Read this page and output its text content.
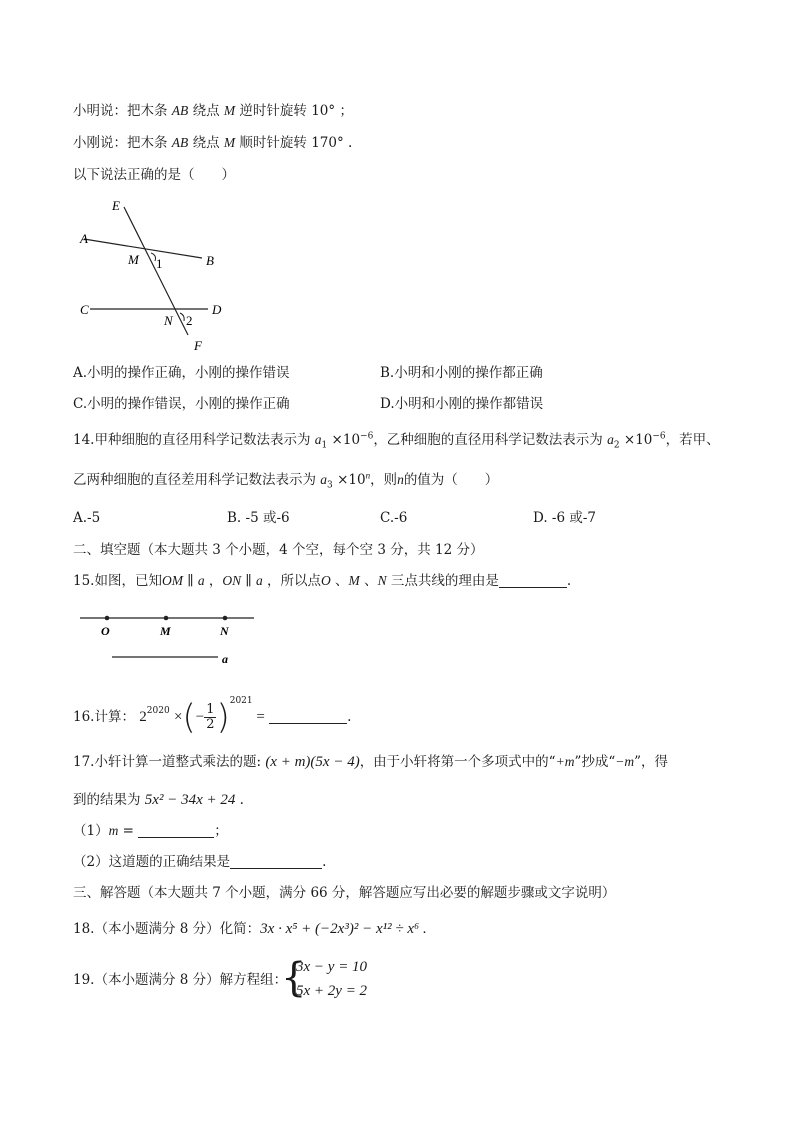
小明说：把木条 AB 绕点 M 逆时针旋转 10° ；
小刚说：把木条 AB 绕点 M 顺时针旋转 170° .
以下说法正确的是（　　）
E
A
M 1	B
C
N 2
D
F
A.小明的操作正确，小刚的操作错误	B.小明和小刚的操作都正确
C.小明的操作错误，小刚的操作正确	D.小明和小刚的操作都错误
14.甲种细胞的直径用科学记数法表示为 $a_1 \times 10^{-6}$，乙种细胞的直径用科学记数法表示为 $a_2 \times 10^{-6}$，若甲、
乙两种细胞的直径差用科学记数法表示为 $a_3 \times 10^n$，则n的值为（　　）
A.-5	B. -5 或-6	C.-6	D. -6 或-7
二、填空题（本大题共 3 个小题，4 个空，每个空 3 分，共 12 分）
15.如图，已知OM ∥ a ，ON ∥ a ，所以点O 、M 、N 三点共线的理由是	.
O	M	N
a
16.计算： $2^{2020}$ ×(− $\frac{1}{2} )^{2021}$ =	.
17.小轩计算一道整式乘法的题: (x + m)(5x − 4)，由于小轩将第一个多项式中的“+m”抄成“−m”，得
到的结果为 5x² − 34x + 24 .
（1）m =	；
（2）这道题的正确结果是	.
三、解答题（本大题共 7 个小题，满分 66 分，解答题应写出必要的解题步骤或文字说明）
18.（本小题满分 8 分）化简：3x · x⁵ + (−2x³)² − x¹² ÷ x⁶ .
19.（本小题满分 8 分）解方程组：
{
3x − y = 10
5x + 2y = 2
